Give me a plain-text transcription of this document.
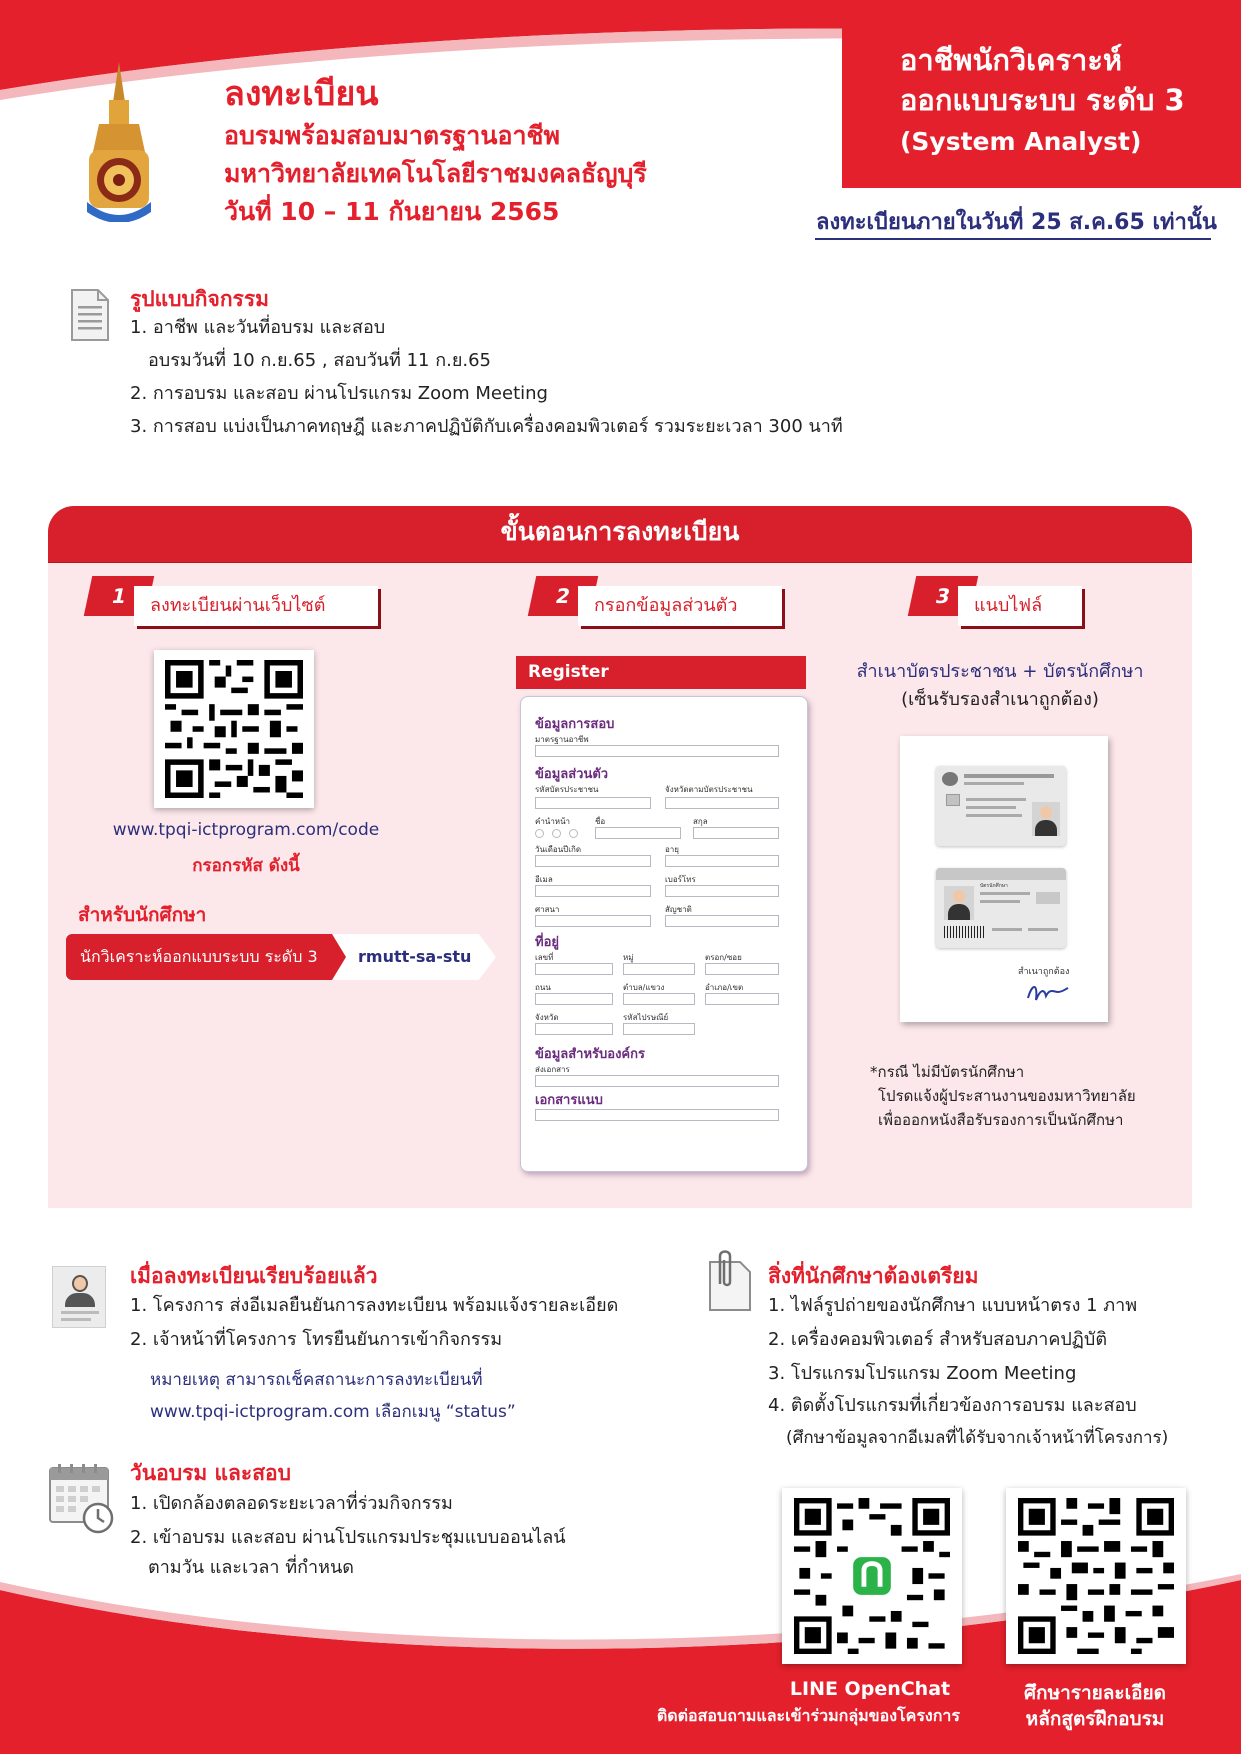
อาชีพนักวิเคราะห์
ออกแบบระบบ ระดับ 3
(System Analyst)
ลงทะเบียน
อบรมพร้อมสอบมาตรฐานอาชีพ
มหาวิทยาลัยเทคโนโลยีราชมงคลธัญบุรี
วันที่ 10 – 11 กันยายน 2565	ลงทะเบียนภายในวันที่ 25 ส.ค.65 เท่านั้น
รูปแบบกิจกรรม
1. อาชีพ และวันที่อบรม และสอบ
อบรมวันที่ 10 ก.ย.65 , สอบวันที่ 11 ก.ย.65
2. การอบรม และสอบ ผ่านโปรแกรม Zoom Meeting
3. การสอบ แบ่งเป็นภาคทฤษฎี และภาคปฏิบัติกับเครื่องคอมพิวเตอร์ รวมระยะเวลา 300 นาที
ขั้นตอนการลงทะเบียน
1	ลงทะเบียนผ่านเว็บไซต์
www.tpqi-ictprogram.com/code
กรอกรหัส ดังนี้
สำหรับนักศึกษา
นักวิเคราะห์ออกแบบระบบ ระดับ 3	rmutt-sa-stu
2	กรอกข้อมูลส่วนตัว
Register
ข้อมูลการสอบ
มาตรฐานอาชีพ
ข้อมูลส่วนตัว
รหัสบัตรประชาชน	จังหวัดตามบัตรประชาชน
คำนำหน้า	ชื่อ	สกุล
วันเดือนปีเกิด	อายุ
อีเมล	เบอร์โทร
ศาสนา	สัญชาติ
ที่อยู่
เลขที่	หมู่	ตรอก/ซอย
ถนน	ตำบล/แขวง	อำเภอ/เขต
จังหวัด	รหัสไปรษณีย์
ข้อมูลสำหรับองค์กร
ส่งเอกสาร
เอกสารแนบ
3	แนบไฟล์
สำเนาบัตรประชาชน + บัตรนักศึกษา
(เซ็นรับรองสำเนาถูกต้อง)
บัตรนักศึกษา
สำเนาถูกต้อง
*กรณี ไม่มีบัตรนักศึกษา
โปรดแจ้งผู้ประสานงานของมหาวิทยาลัย
เพื่อออกหนังสือรับรองการเป็นนักศึกษา
เมื่อลงทะเบียนเรียบร้อยแล้ว
1. โครงการ ส่งอีเมลยืนยันการลงทะเบียน พร้อมแจ้งรายละเอียด
2. เจ้าหน้าที่โครงการ โทรยืนยันการเข้ากิจกรรม
หมายเหตุ สามารถเช็คสถานะการลงทะเบียนที่
www.tpqi-ictprogram.com เลือกเมนู “status”
วันอบรม และสอบ
1. เปิดกล้องตลอดระยะเวลาที่ร่วมกิจกรรม
2. เข้าอบรม และสอบ ผ่านโปรแกรมประชุมแบบออนไลน์
ตามวัน และเวลา ที่กำหนด
สิ่งที่นักศึกษาต้องเตรียม
1. ไฟล์รูปถ่ายของนักศึกษา แบบหน้าตรง 1 ภาพ
2. เครื่องคอมพิวเตอร์ สำหรับสอบภาคปฏิบัติ
3. โปรแกรมโปรแกรม Zoom Meeting
4. ติดตั้งโปรแกรมที่เกี่ยวข้องการอบรม และสอบ
(ศึกษาข้อมูลจากอีเมลที่ได้รับจากเจ้าหน้าที่โครงการ)
LINE OpenChat
ติดต่อสอบถามและเข้าร่วมกลุ่มของโครงการ
ศึกษารายละเอียด
หลักสูตรฝึกอบรม
